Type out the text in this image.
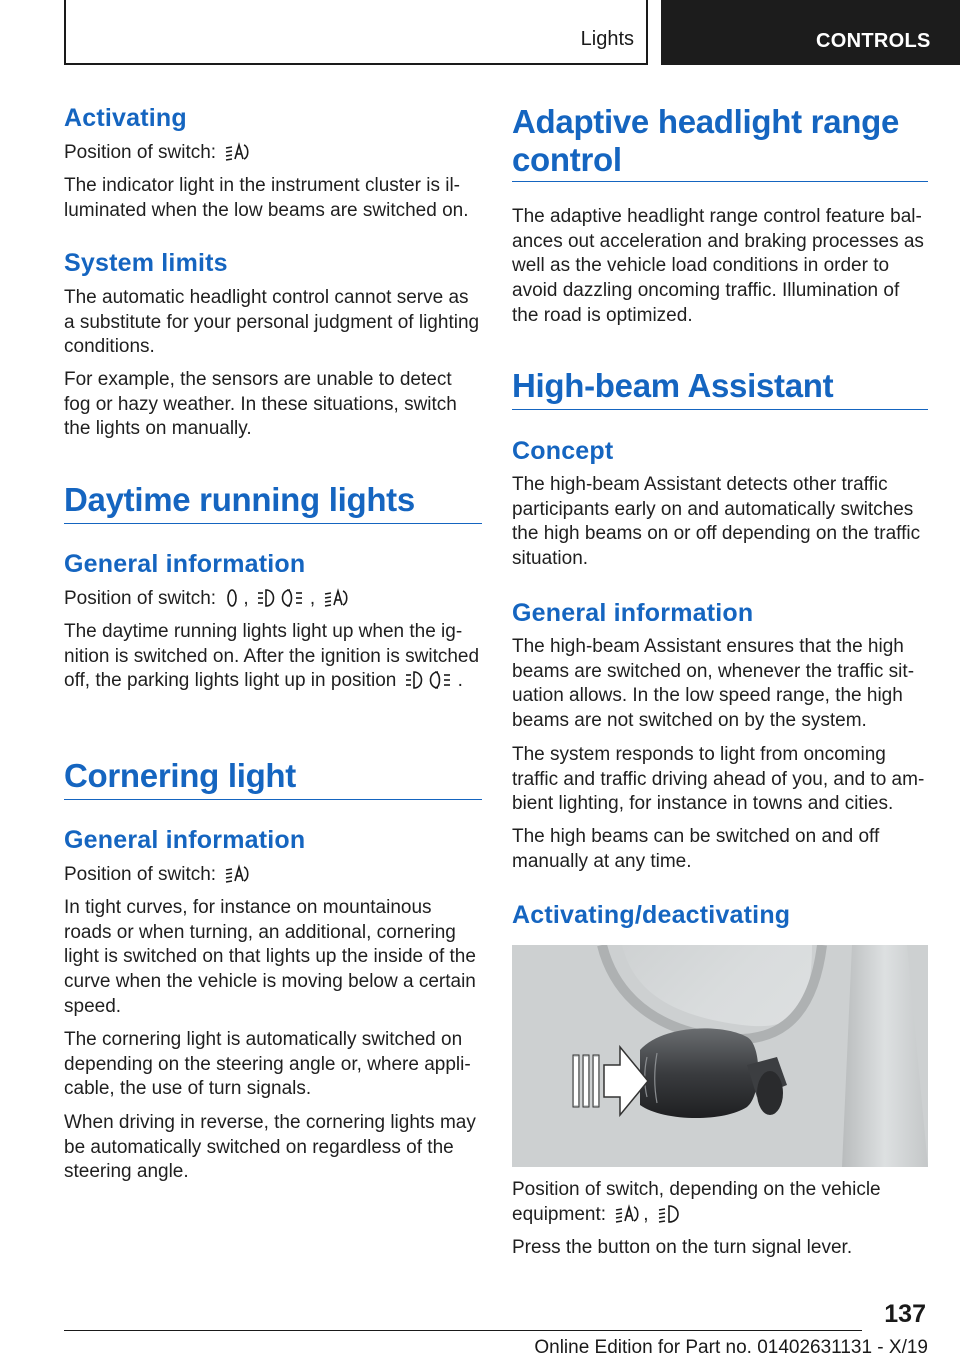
Lights	CONTROLS
Activating

Position of switch:

The indicator light in the instrument cluster is illuminated when the low beams are switched on.

System limits

The automatic headlight control cannot serve as a substitute for your personal judgment of lighting conditions.

For example, the sensors are unable to detect fog or hazy weather. In these situations, switch the lights on manually.

Daytime running lights
General information

Position of switch: ,	,

The daytime running lights light up when the ignition is switched on. After the ignition is switched off, the parking lights light up in position	.

Cornering light
General information

Position of switch:

In tight curves, for instance on mountainous roads or when turning, an additional, cornering light is switched on that lights up the inside of the curve when the vehicle is moving below a certain speed.

The cornering light is automatically switched on depending on the steering angle or, where applicable, the use of turn signals.

When driving in reverse, the cornering lights may be automatically switched on regardless of the steering angle.

Adaptive headlight range control

The adaptive headlight range control feature balances out acceleration and braking processes as well as the vehicle load conditions in order to avoid dazzling oncoming traffic. Illumination of the road is optimized.

High-beam Assistant
Concept

The high-beam Assistant detects other traffic participants early on and automatically switches the high beams on or off depending on the traffic situation.

General information

The high-beam Assistant ensures that the high beams are switched on, whenever the traffic situation allows. In the low speed range, the high beams are not switched on by the system.

The system responds to light from oncoming traffic and traffic driving ahead of you, and to ambient lighting, for instance in towns and cities.

The high beams can be switched on and off manually at any time.

Activating/deactivating

Position of switch, depending on the vehicle equipment: ,

Press the button on the turn signal lever.

137
Online Edition for Part no. 01402631131 - X/19
